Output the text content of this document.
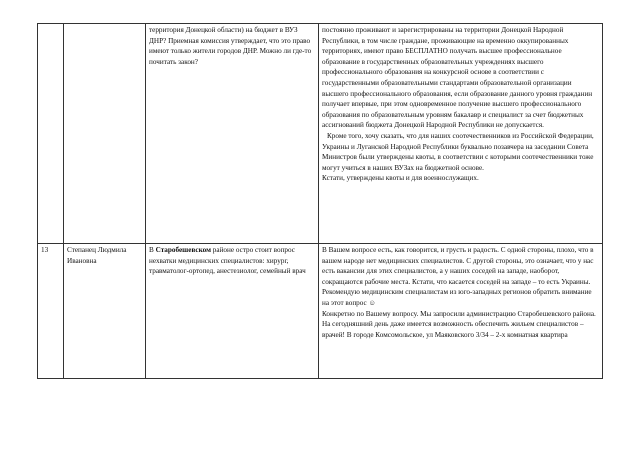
		территория Донецкой области) на бюджет в ВУЗ ДНР? Приемная комиссия утверждает, что это право имеют только жители городов ДНР. Можно ли где-то почитать закон?	постоянно проживают и зарегистрированы на территории Донецкой Народной Республики, в том числе граждане, проживающие на временно оккупированных территориях, имеют право БЕСПЛАТНО получать высшее профессиональное образование в государственных образовательных учреждениях высшего профессионального образования на конкурсной основе в соответствии с государственными образовательными стандартами образовательной организации высшего профессионального образования, если образование данного уровня гражданин получает впервые, при этом одновременное получение высшего профессионального образования по образовательным уровням бакалавр и специалист за счет бюджетных ассигнований бюджета Донецкой Народной Республики не допускается.

Кроме того, хочу сказать, что для наших соотечественников из Российской Федерации, Украины и Луганской Народной Республики буквально позавчера на заседании Совета Министров были утверждены квоты, в соответствии с которыми соотечественники тоже могут учиться в наших ВУЗах на бюджетной основе.

Кстати, утверждены квоты и для военнослужащих.

13	Степанец Людмила Ивановна	В Старобешевском районе остро стоит вопрос нехватки медицинских специалистов: хирург, травматолог-ортопед, анестезиолог, семейный врач	В Вашем вопросе есть, как говорится, и грусть и радость. С одной стороны, плохо, что в вашем народе нет медицинских специалистов. С другой стороны, это означает, что у нас есть вакансии для этих специалистов, а у наших соседей на западе, наоборот, сокращаются рабочие места. Кстати, что касается соседей на западе – то есть Украины. Рекомендую медицинским специалистам из юго-западных регионов обратить внимание на этот вопрос ☺

Конкретно по Вашему вопросу. Мы запросили администрацию Старобешевского района. На сегодняшний день даже имеется возможность обеспечить жильем специалистов – врачей! В городе Комсомольское, ул Маяковского 3/34 – 2-х комнатная квартира
